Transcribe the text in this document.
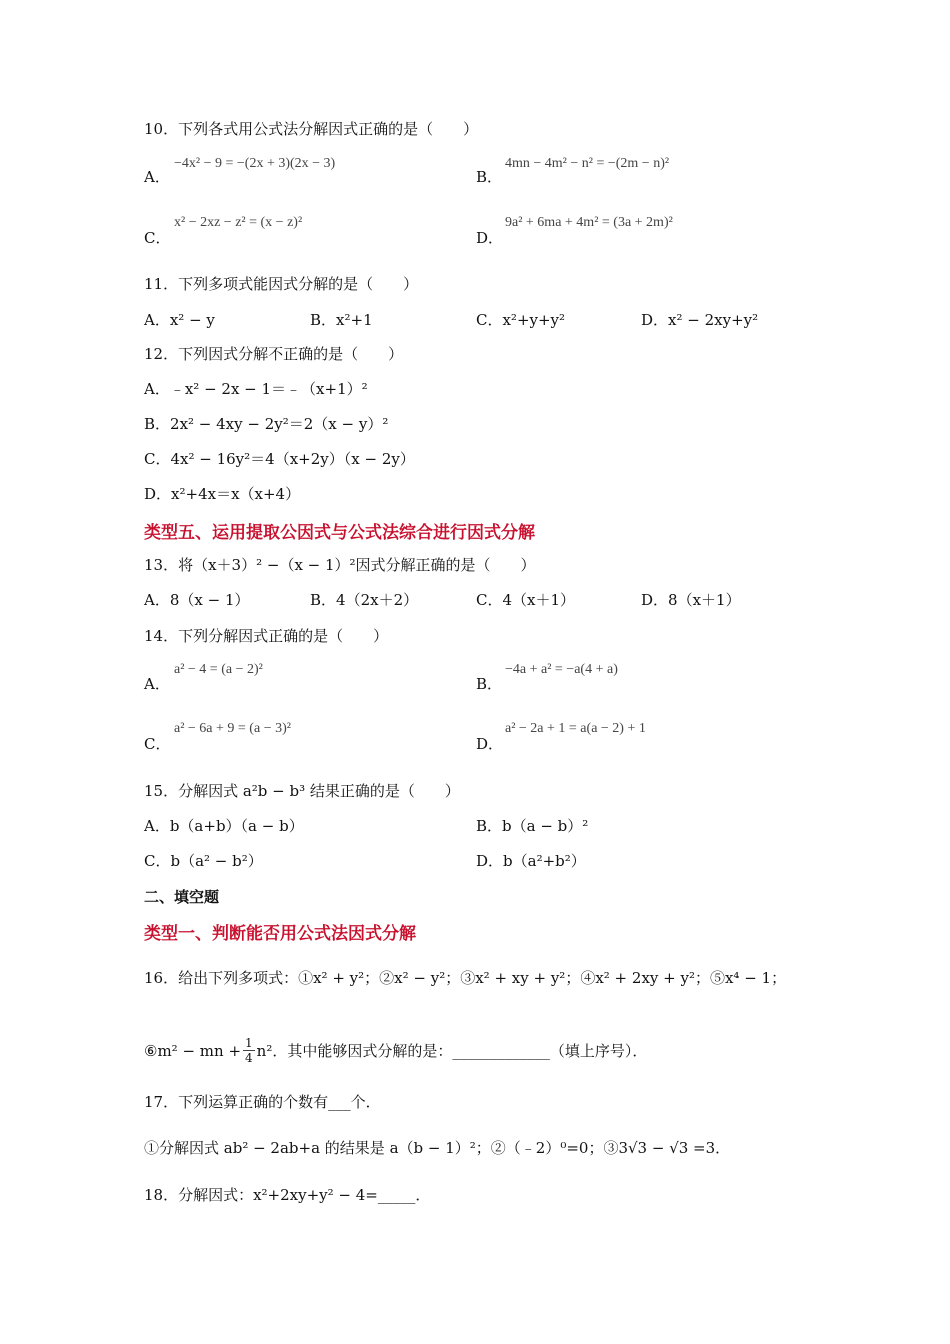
10．下列各式用公式法分解因式正确的是（　　）
A．
−4x² − 9 = −(2x + 3)(2x − 3)
B．
4mn − 4m² − n² = −(2m − n)²
C．
x² − 2xz − z² = (x − z)²
D．
9a² + 6ma + 4m² = (3a + 2m)²
11．下列多项式能因式分解的是（　　）
A．x² − y	B．x²+1	C．x²+y+y²	D．x² − 2xy+y²
12．下列因式分解不正确的是（　　）
A．﹣x² − 2x − 1＝﹣（x+1）²
B．2x² − 4xy − 2y²＝2（x − y）²
C．4x² − 16y²＝4（x+2y）（x − 2y）
D．x²+4x＝x（x+4）
类型五、运用提取公因式与公式法综合进行因式分解
13．将（x＋3）² −（x − 1）²因式分解正确的是（　　）
A．8（x − 1）	B．4（2x＋2）	C．4（x＋1）	D．8（x＋1）
14．下列分解因式正确的是（　　）
A．
a² − 4 = (a − 2)²
B．
−4a + a² = −a(4 + a)
C．
a² − 6a + 9 = (a − 3)²
D．
a² − 2a + 1 = a(a − 2) + 1
15．分解因式 a²b − b³ 结果正确的是（　　）
A．b（a+b）（a − b）	B．b（a − b）²
C．b（a² − b²）	D．b（a²+b²）
二、填空题
类型一、判断能否用公式法因式分解
16．给出下列多项式：①x² + y²；②x² − y²；③x² + xy + y²；④x² + 2xy + y²；⑤x⁴ − 1；
⑥m² − mn + $\frac{1}{4} n^2$．其中能够因式分解的是：_____________（填上序号）．
17．下列运算正确的个数有___个．
①分解因式 ab² − 2ab+a 的结果是 a（b − 1）²；②（﹣2）⁰=0；③3√3 − √3 =3．
18．分解因式：x²+2xy+y² − 4=_____．
